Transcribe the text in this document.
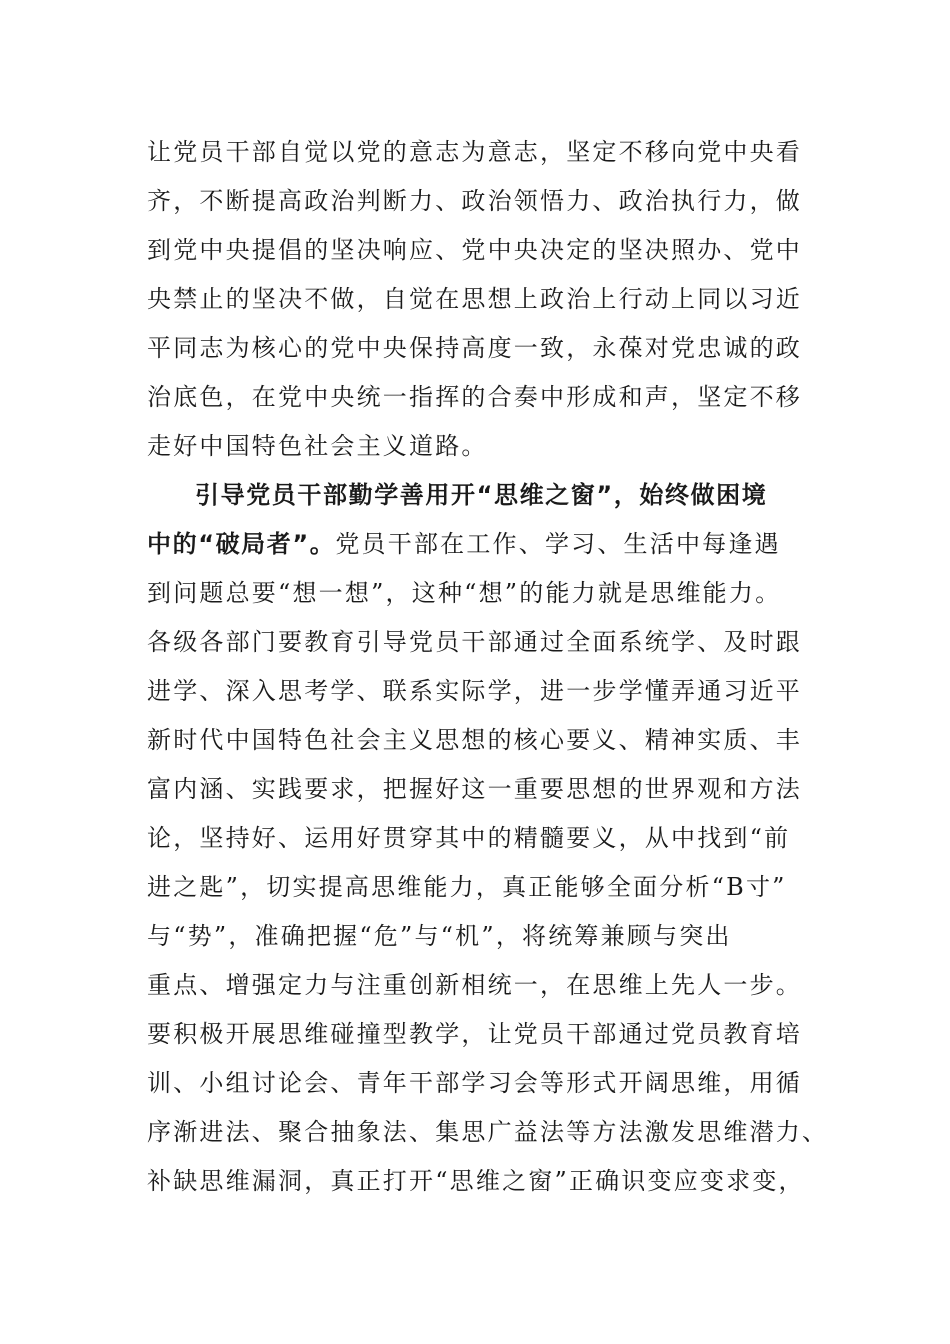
让党员干部自觉以党的意志为意志，坚定不移向党中央看
齐，不断提高政治判断力、政治领悟力、政治执行力，做
到党中央提倡的坚决响应、党中央决定的坚决照办、党中
央禁止的坚决不做，自觉在思想上政治上行动上同以习近
平同志为核心的党中央保持高度一致，永葆对党忠诚的政
治底色，在党中央统一指挥的合奏中形成和声，坚定不移
走好中国特色社会主义道路。
引导党员干部勤学善用开“思维之窗”，始终做困境
中的“破局者”。党员干部在工作、学习、生活中每逢遇
到问题总要“想一想”，这种“想”的能力就是思维能力。
各级各部门要教育引导党员干部通过全面系统学、及时跟
进学、深入思考学、联系实际学，进一步学懂弄通习近平
新时代中国特色社会主义思想的核心要义、精神实质、丰
富内涵、实践要求，把握好这一重要思想的世界观和方法
论，坚持好、运用好贯穿其中的精髓要义，从中找到“前
进之匙”，切实提高思维能力，真正能够全面分析“B寸”
与“势”，准确把握“危”与“机”，将统筹兼顾与突出
重点、增强定力与注重创新相统一，在思维上先人一步。
要积极开展思维碰撞型教学，让党员干部通过党员教育培
训、小组讨论会、青年干部学习会等形式开阔思维，用循
序渐进法、聚合抽象法、集思广益法等方法激发思维潜力、
补缺思维漏洞，真正打开“思维之窗”正确识变应变求变，
